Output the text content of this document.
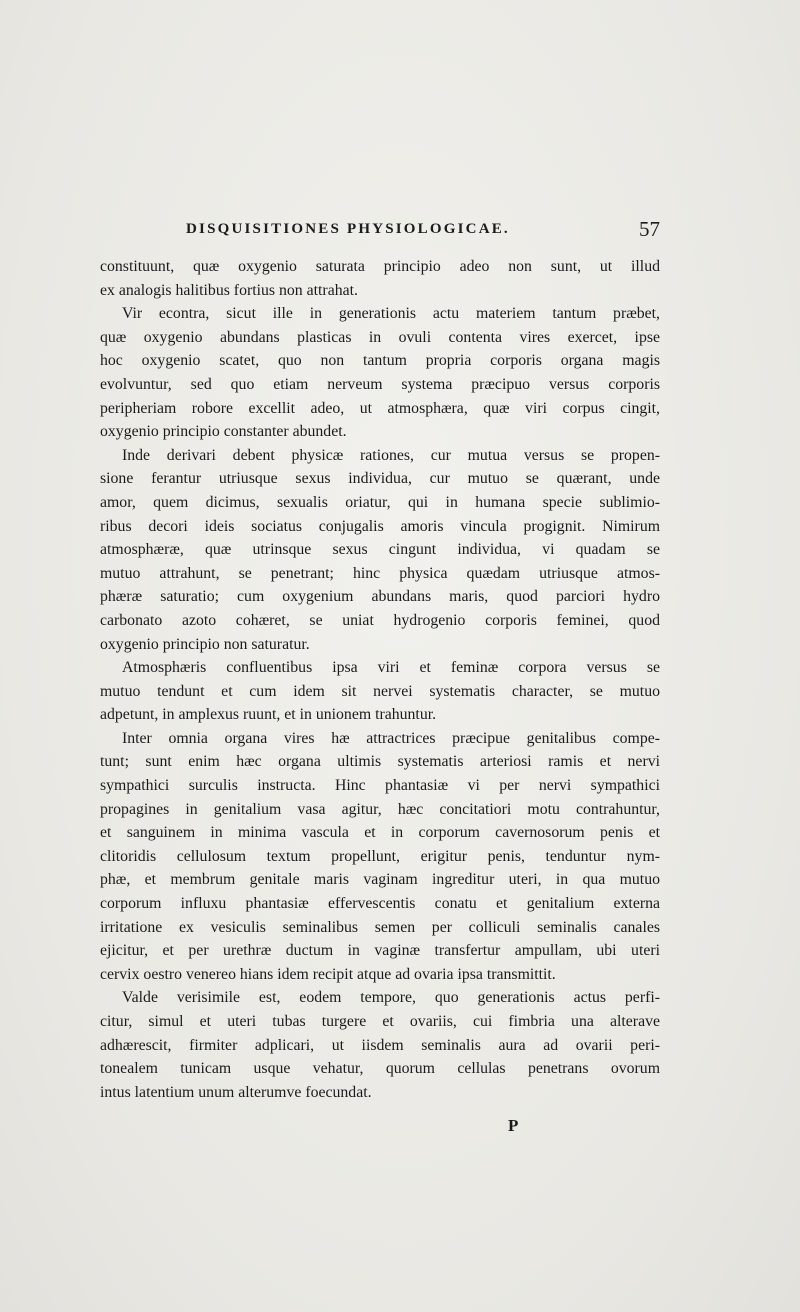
DISQUISITIONES PHYSIOLOGICAE.	57

constituunt, quæ oxygenio saturata principio adeo non sunt, ut illud

ex analogis halitibus fortius non attrahat.

Vir econtra, sicut ille in generationis actu materiem tantum præbet,

quæ oxygenio abundans plasticas in ovuli contenta vires exercet, ipse

hoc oxygenio scatet, quo non tantum propria corporis organa magis

evolvuntur, sed quo etiam nerveum systema præcipuo versus corporis

peripheriam robore excellit adeo, ut atmosphæra, quæ viri corpus cingit,

oxygenio principio constanter abundet.

Inde derivari debent physicæ rationes, cur mutua versus se propen-

sione ferantur utriusque sexus individua, cur mutuo se quærant, unde

amor, quem dicimus, sexualis oriatur, qui in humana specie sublimio-

ribus decori ideis sociatus conjugalis amoris vincula progignit. Nimirum

atmosphæræ, quæ utrinsque sexus cingunt individua, vi quadam se

mutuo attrahunt, se penetrant; hinc physica quædam utriusque atmos-

phæræ saturatio; cum oxygenium abundans maris, quod parciori hydro

carbonato azoto cohæret, se uniat hydrogenio corporis feminei, quod

oxygenio principio non saturatur.

Atmosphæris confluentibus ipsa viri et feminæ corpora versus se

mutuo tendunt et cum idem sit nervei systematis character, se mutuo

adpetunt, in amplexus ruunt, et in unionem trahuntur.

Inter omnia organa vires hæ attractrices præcipue genitalibus compe-

tunt; sunt enim hæc organa ultimis systematis arteriosi ramis et nervi

sympathici surculis instructa. Hinc phantasiæ vi per nervi sympathici

propagines in genitalium vasa agitur, hæc concitatiori motu contrahuntur,

et sanguinem in minima vascula et in corporum cavernosorum penis et

clitoridis cellulosum textum propellunt, erigitur penis, tenduntur nym-

phæ, et membrum genitale maris vaginam ingreditur uteri, in qua mutuo

corporum influxu phantasiæ effervescentis conatu et genitalium externa

irritatione ex vesiculis seminalibus semen per colliculi seminalis canales

ejicitur, et per urethræ ductum in vaginæ transfertur ampullam, ubi uteri

cervix oestro venereo hians idem recipit atque ad ovaria ipsa transmittit.

Valde verisimile est, eodem tempore, quo generationis actus perfi-

citur, simul et uteri tubas turgere et ovariis, cui fimbria una alterave

adhærescit, firmiter adplicari, ut iisdem seminalis aura ad ovarii peri-

tonealem tunicam usque vehatur, quorum cellulas penetrans ovorum

intus latentium unum alterumve foecundat.

P
